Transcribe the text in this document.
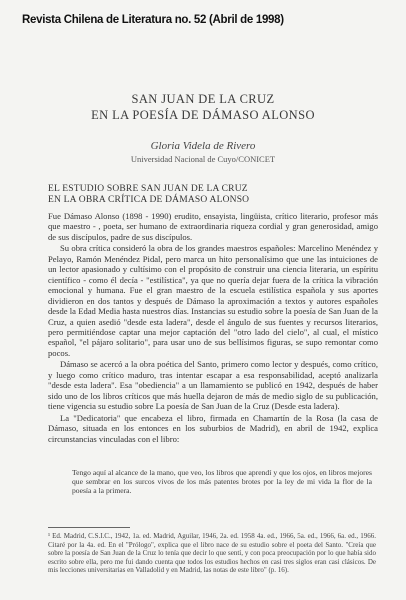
Revista Chilena de Literatura no. 52 (Abril de 1998)
SAN JUAN DE LA CRUZ
EN LA POESÍA DE DÁMASO ALONSO
Gloria Videla de Rivero
Universidad Nacional de Cuyo/CONICET
EL ESTUDIO SOBRE SAN JUAN DE LA CRUZ
EN LA OBRA CRÍTICA DE DÁMASO ALONSO

Fue Dámaso Alonso (1898 - 1990) erudito, ensayista, lingüista, crítico literario, profesor más que maestro - , poeta, ser humano de extraordinaria riqueza cordial y gran generosidad, amigo de sus discípulos, padre de sus discípulos.

Su obra crítica consideró la obra de los grandes maestros españoles: Marcelino Menéndez y Pelayo, Ramón Menéndez Pidal, pero marca un hito personalísimo que une las intuiciones de un lector apasionado y cultísimo con el propósito de construir una ciencia literaria, un espíritu científico - como él decía - "estilística", ya que no quería dejar fuera de la crítica la vibración emocional y humana. Fue el gran maestro de la escuela estilística española y sus aportes dividieron en dos tantos y después de Dámaso la aproximación a textos y autores españoles desde la Edad Media hasta nuestros días. Instancias su estudio sobre la poesía de San Juan de la Cruz, a quien asedió "desde esta ladera", desde el ángulo de sus fuentes y recursos literarios, pero permitiéndose captar una mejor captación del "otro lado del cielo", al cual, el místico español, "el pájaro solitario", para usar uno de sus bellísimos figuras, se supo remontar como pocos.

Dámaso se acercó a la obra poética del Santo, primero como lector y después, como crítico, y luego como crítico maduro, tras intentar escapar a esa responsabilidad, aceptó analizarla "desde esta ladera". Esa "obediencia" a un llamamiento se publicó en 1942, después de haber sido uno de los libros críticos que más huella dejaron de más de medio siglo de su publicación, tiene vigencia su estudio sobre La poesía de San Juan de la Cruz (Desde esta ladera).

La "Dedicatoria" que encabeza el libro, firmada en Chamartín de la Rosa (la casa de Dámaso, situada en los entonces en los suburbios de Madrid), en abril de 1942, explica circunstancias vinculadas con el libro:

Tengo aquí al alcance de la mano, que veo, los libros que aprendí y que los ojos, en libros mejores que sembrar en los surcos vivos de los más patentes brotes por la ley de mi vida la flor de la poesía a la primera.

¹ Ed. Madrid, C.S.I.C., 1942, 1a. ed. Madrid, Aguilar, 1946, 2a. ed. 1958 4a. ed., 1966, 5a. ed., 1966, 6a. ed., 1966. Citaré por la 4a. ed. En el "Prólogo", explica que el libro nace de su estudio sobre el poeta del Santo. "Creía que sobre la poesía de San Juan de la Cruz lo tenía que decir lo que sentí, y con poca preocupación por lo que había sido escrito sobre ella, pero me fui dando cuenta que todos los estudios hechos en casi tres siglos eran casi clásicos. De mis lecciones universitarias en Valladolid y en Madrid, las notas de este libro" (p. 16).
